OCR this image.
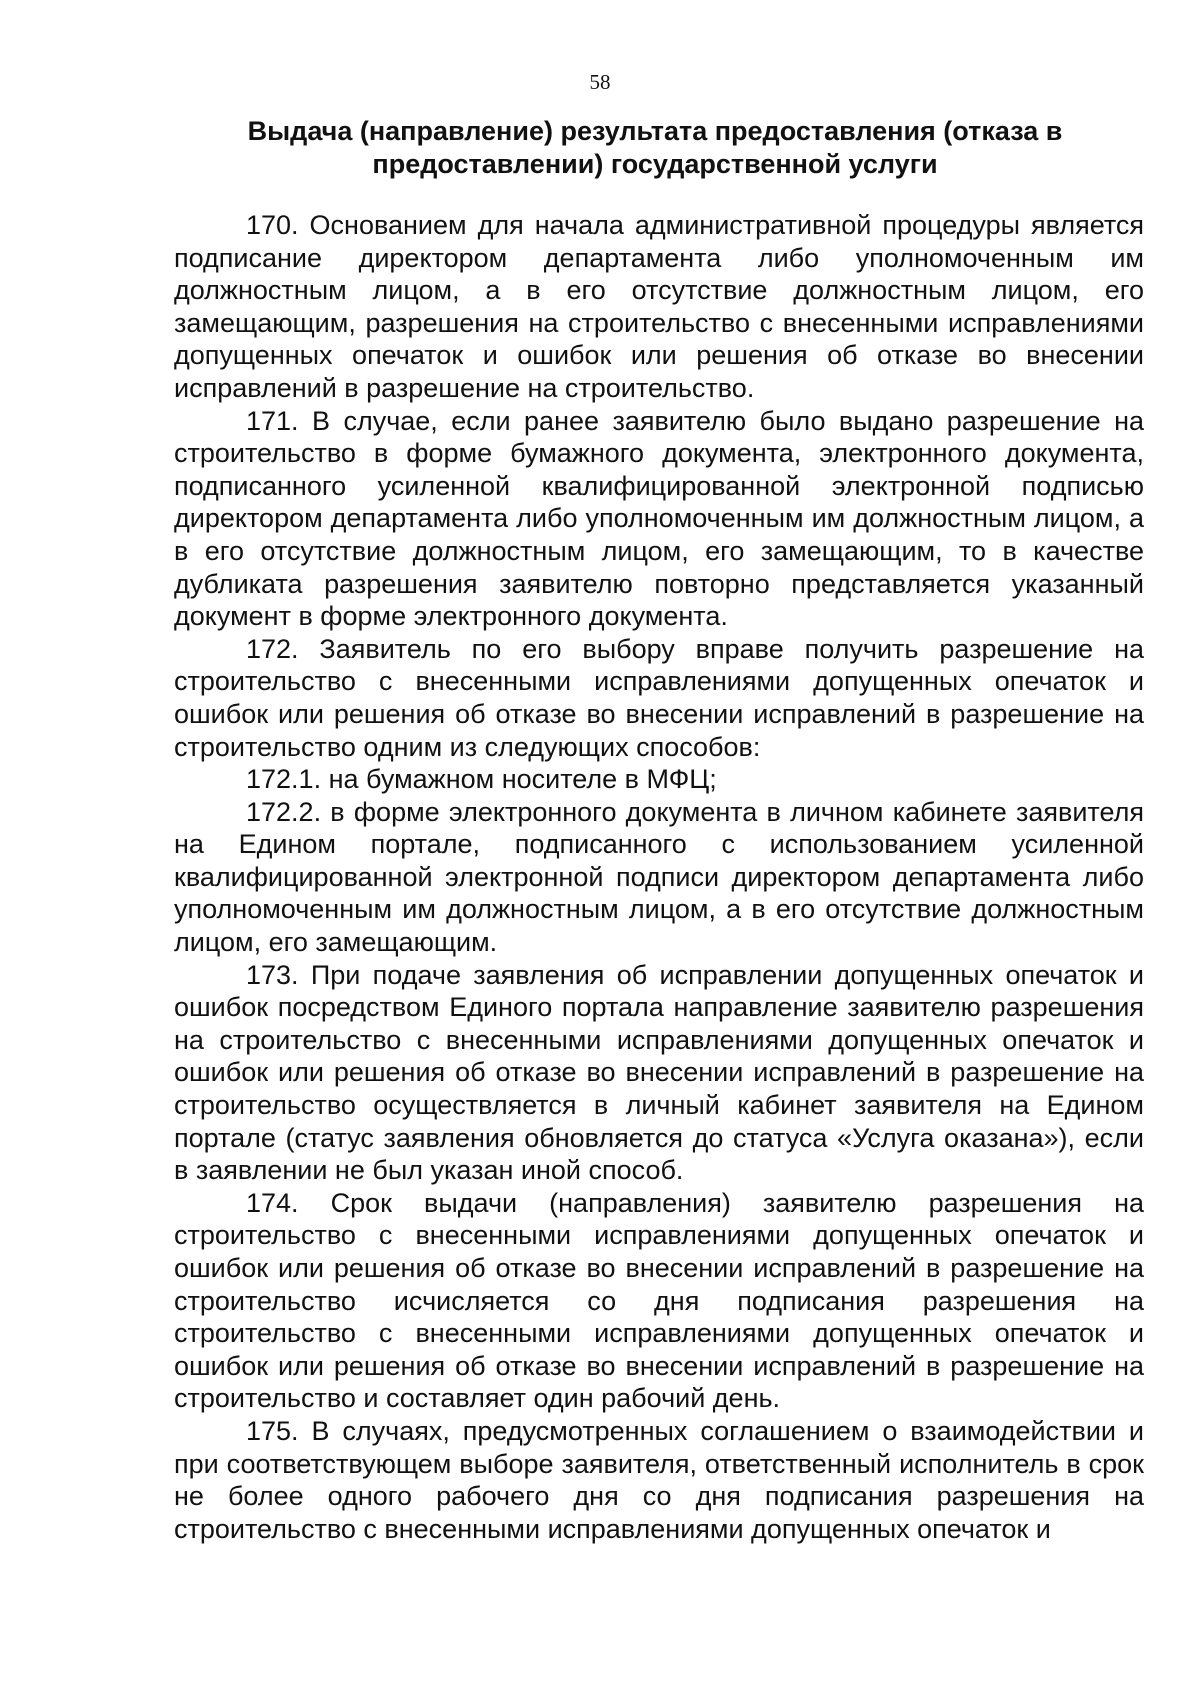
58
Выдача (направление) результата предоставления (отказа в предоставлении) государственной услуги

170. Основанием для начала административной процедуры является подписание директором департамента либо уполномоченным им должностным лицом, а в его отсутствие должностным лицом, его замещающим, разрешения на строительство с внесенными исправлениями допущенных опечаток и ошибок или решения об отказе во внесении исправлений в разрешение на строительство.

171. В случае, если ранее заявителю было выдано разрешение на строительство в форме бумажного документа, электронного документа, подписанного усиленной квалифицированной электронной подписью директором департамента либо уполномоченным им должностным лицом, а в его отсутствие должностным лицом, его замещающим, то в качестве дубликата разрешения заявителю повторно представляется указанный документ в форме электронного документа.

172. Заявитель по его выбору вправе получить разрешение на строительство с внесенными исправлениями допущенных опечаток и ошибок или решения об отказе во внесении исправлений в разрешение на строительство одним из следующих способов:

172.1. на бумажном носителе в МФЦ;

172.2. в форме электронного документа в личном кабинете заявителя на Едином портале, подписанного с использованием усиленной квалифицированной электронной подписи директором департамента либо уполномоченным им должностным лицом, а в его отсутствие должностным лицом, его замещающим.

173. При подаче заявления об исправлении допущенных опечаток и ошибок посредством Единого портала направление заявителю разрешения на строительство с внесенными исправлениями допущенных опечаток и ошибок или решения об отказе во внесении исправлений в разрешение на строительство осуществляется в личный кабинет заявителя на Едином портале (статус заявления обновляется до статуса «Услуга оказана»), если в заявлении не был указан иной способ.

174. Срок выдачи (направления) заявителю разрешения на строительство с внесенными исправлениями допущенных опечаток и ошибок или решения об отказе во внесении исправлений в разрешение на строительство исчисляется со дня подписания разрешения на строительство с внесенными исправлениями допущенных опечаток и ошибок или решения об отказе во внесении исправлений в разрешение на строительство и составляет один рабочий день.

175. В случаях, предусмотренных соглашением о взаимодействии и при соответствующем выборе заявителя, ответственный исполнитель в срок не более одного рабочего дня со дня подписания разрешения на строительство с внесенными исправлениями допущенных опечаток и
